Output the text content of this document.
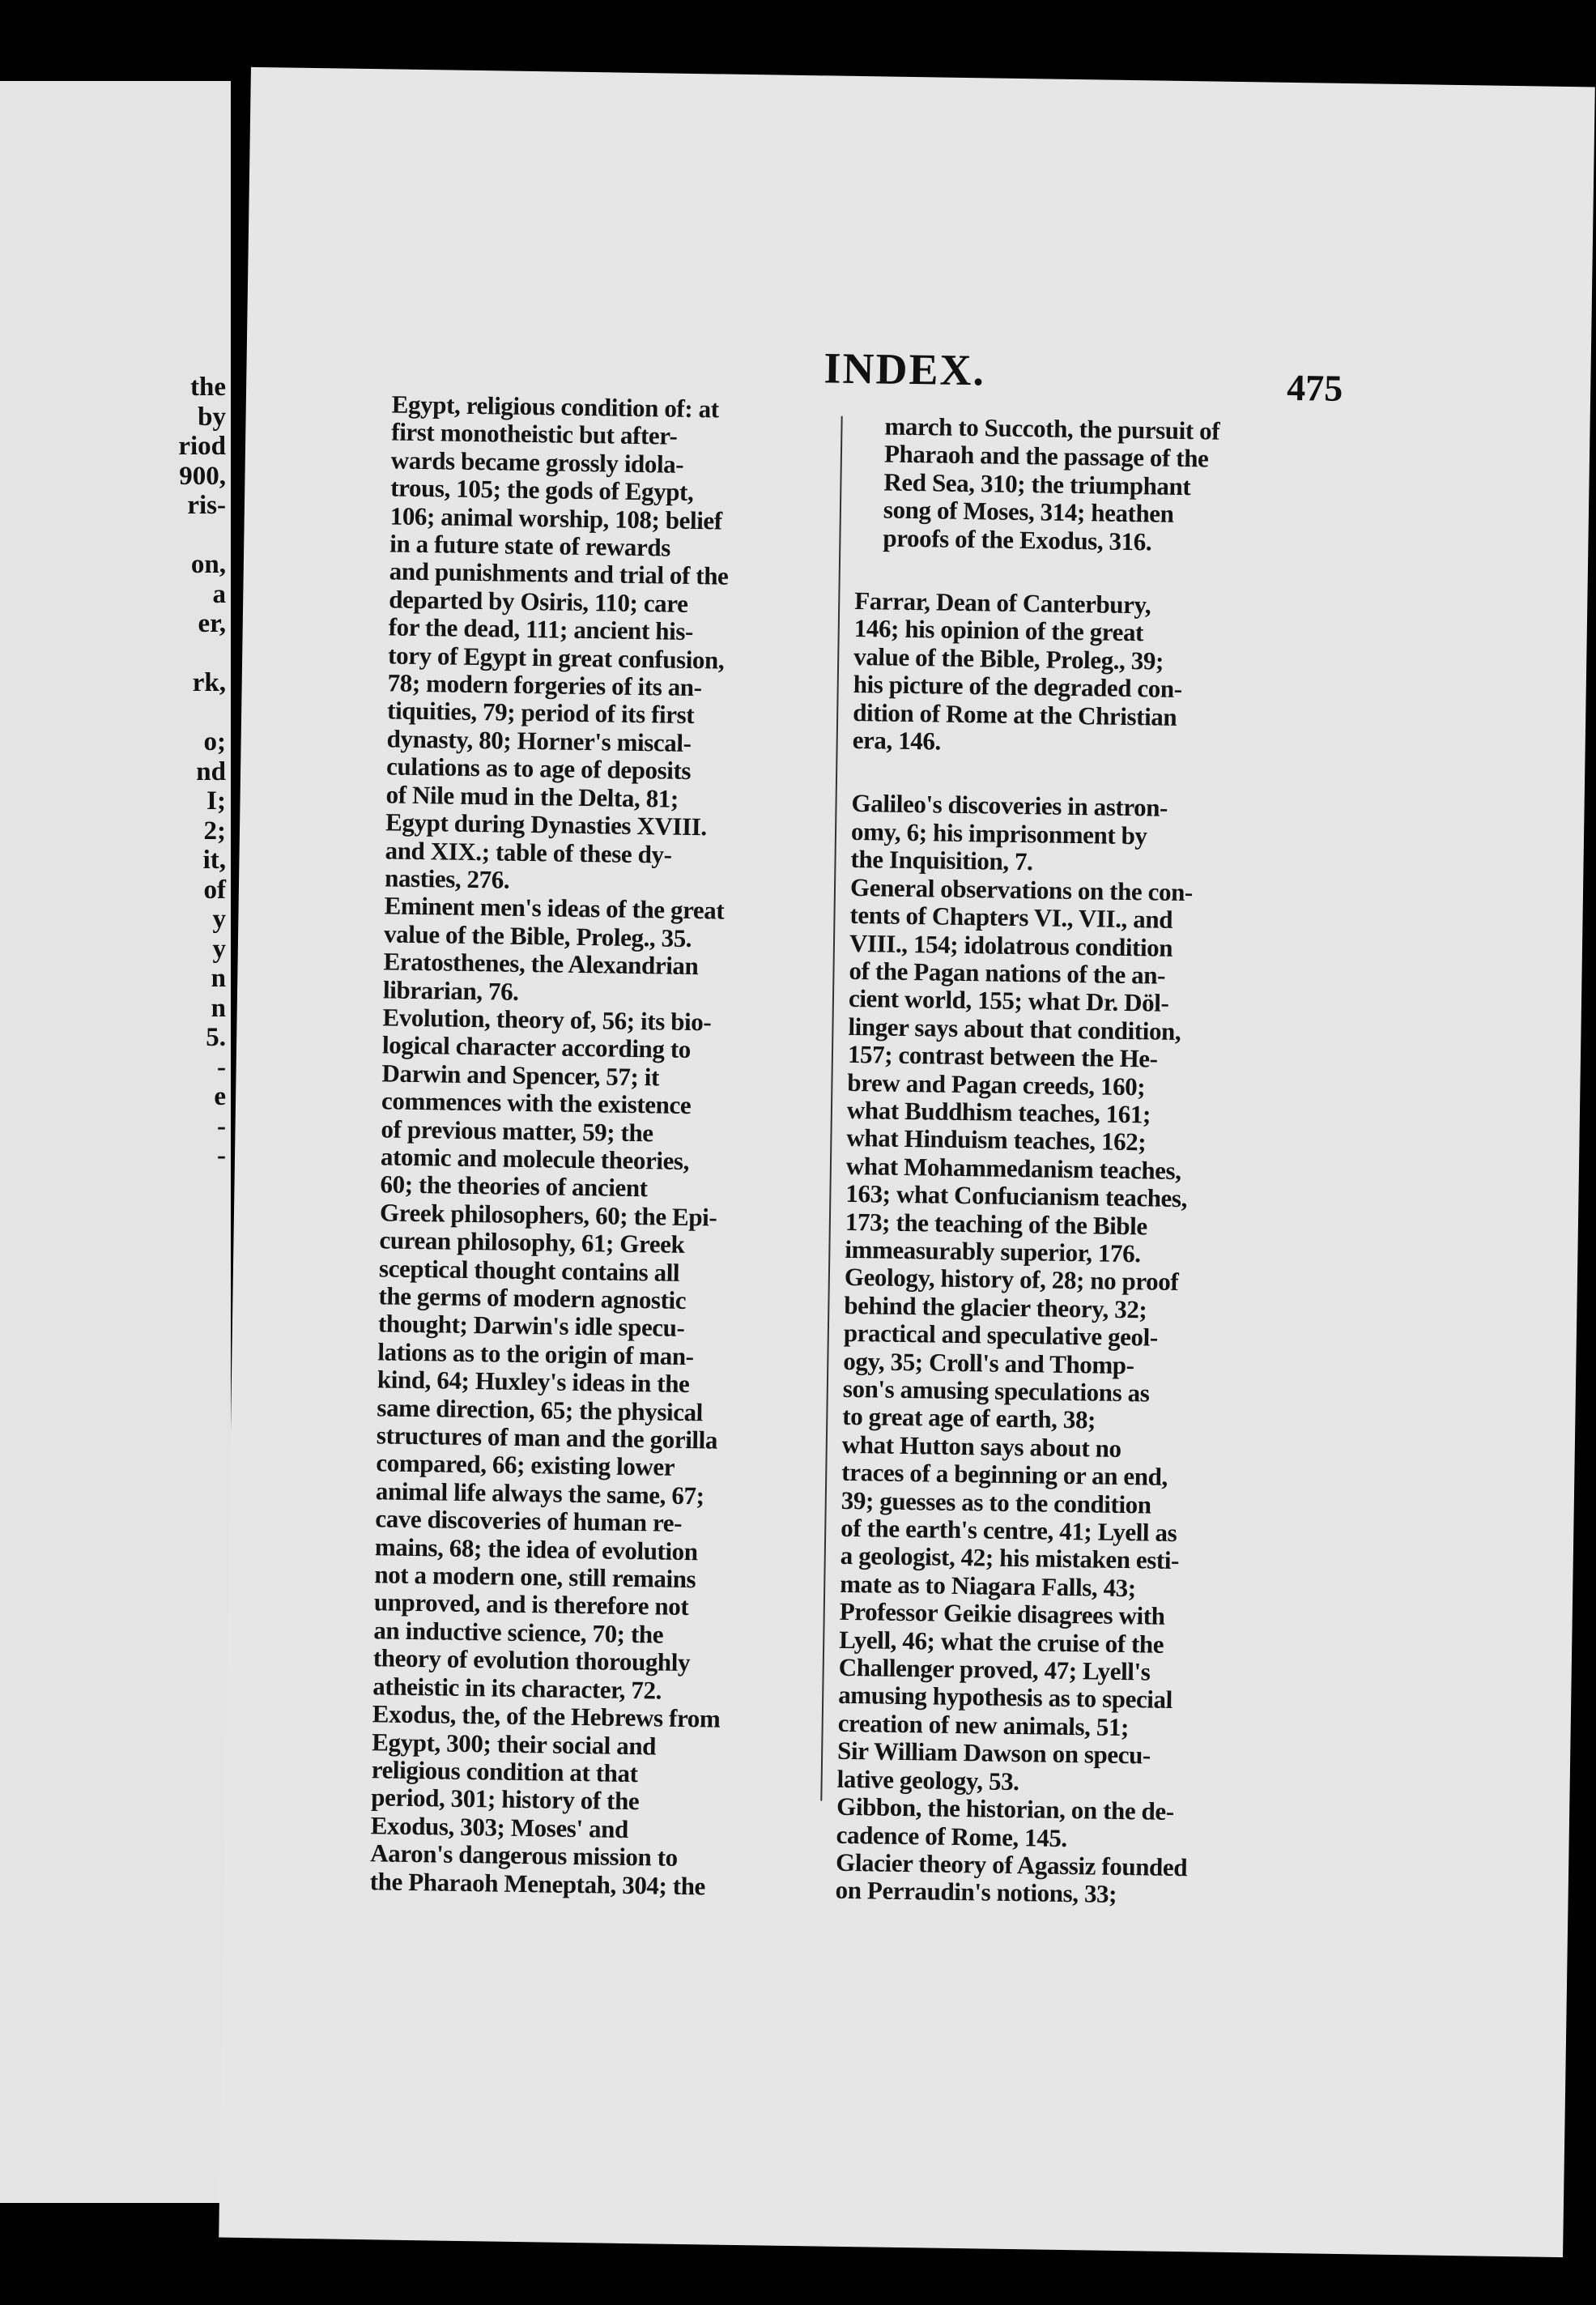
the
by
riod
900,
ris-

on,
a
er,

rk,

o;
nd
I;
2;
it,
of
y
y
n
n
5.
-
e
-
-
INDEX.	475
Egypt, religious condition of: at
first monotheistic but after-
wards became grossly idola-
trous, 105; the gods of Egypt,
106; animal worship, 108; belief
in a future state of rewards
and punishments and trial of the
departed by Osiris, 110; care
for the dead, 111; ancient his-
tory of Egypt in great confusion,
78; modern forgeries of its an-
tiquities, 79; period of its first
dynasty, 80; Horner's miscal-
culations as to age of deposits
of Nile mud in the Delta, 81;
Egypt during Dynasties XVIII.
and XIX.; table of these dy-
nasties, 276.
Eminent men's ideas of the great
value of the Bible, Proleg., 35.
Eratosthenes, the Alexandrian
librarian, 76.
Evolution, theory of, 56; its bio-
logical character according to
Darwin and Spencer, 57; it
commences with the existence
of previous matter, 59; the
atomic and molecule theories,
60; the theories of ancient
Greek philosophers, 60; the Epi-
curean philosophy, 61; Greek
sceptical thought contains all
the germs of modern agnostic
thought; Darwin's idle specu-
lations as to the origin of man-
kind, 64; Huxley's ideas in the
same direction, 65; the physical
structures of man and the gorilla
compared, 66; existing lower
animal life always the same, 67;
cave discoveries of human re-
mains, 68; the idea of evolution
not a modern one, still remains
unproved, and is therefore not
an inductive science, 70; the
theory of evolution thoroughly
atheistic in its character, 72.
Exodus, the, of the Hebrews from
Egypt, 300; their social and
religious condition at that
period, 301; history of the
Exodus, 303; Moses' and
Aaron's dangerous mission to
the Pharaoh Meneptah, 304; the
march to Succoth, the pursuit of
Pharaoh and the passage of the
Red Sea, 310; the triumphant
song of Moses, 314; heathen
proofs of the Exodus, 316.
Farrar, Dean of Canterbury,
146; his opinion of the great
value of the Bible, Proleg., 39;
his picture of the degraded con-
dition of Rome at the Christian
era, 146.
Galileo's discoveries in astron-
omy, 6; his imprisonment by
the Inquisition, 7.
General observations on the con-
tents of Chapters VI., VII., and
VIII., 154; idolatrous condition
of the Pagan nations of the an-
cient world, 155; what Dr. Döl-
linger says about that condition,
157; contrast between the He-
brew and Pagan creeds, 160;
what Buddhism teaches, 161;
what Hinduism teaches, 162;
what Mohammedanism teaches,
163; what Confucianism teaches,
173; the teaching of the Bible
immeasurably superior, 176.
Geology, history of, 28; no proof
behind the glacier theory, 32;
practical and speculative geol-
ogy, 35; Croll's and Thomp-
son's amusing speculations as
to great age of earth, 38;
what Hutton says about no
traces of a beginning or an end,
39; guesses as to the condition
of the earth's centre, 41; Lyell as
a geologist, 42; his mistaken esti-
mate as to Niagara Falls, 43;
Professor Geikie disagrees with
Lyell, 46; what the cruise of the
Challenger proved, 47; Lyell's
amusing hypothesis as to special
creation of new animals, 51;
Sir William Dawson on specu-
lative geology, 53.
Gibbon, the historian, on the de-
cadence of Rome, 145.
Glacier theory of Agassiz founded
on Perraudin's notions, 33;
